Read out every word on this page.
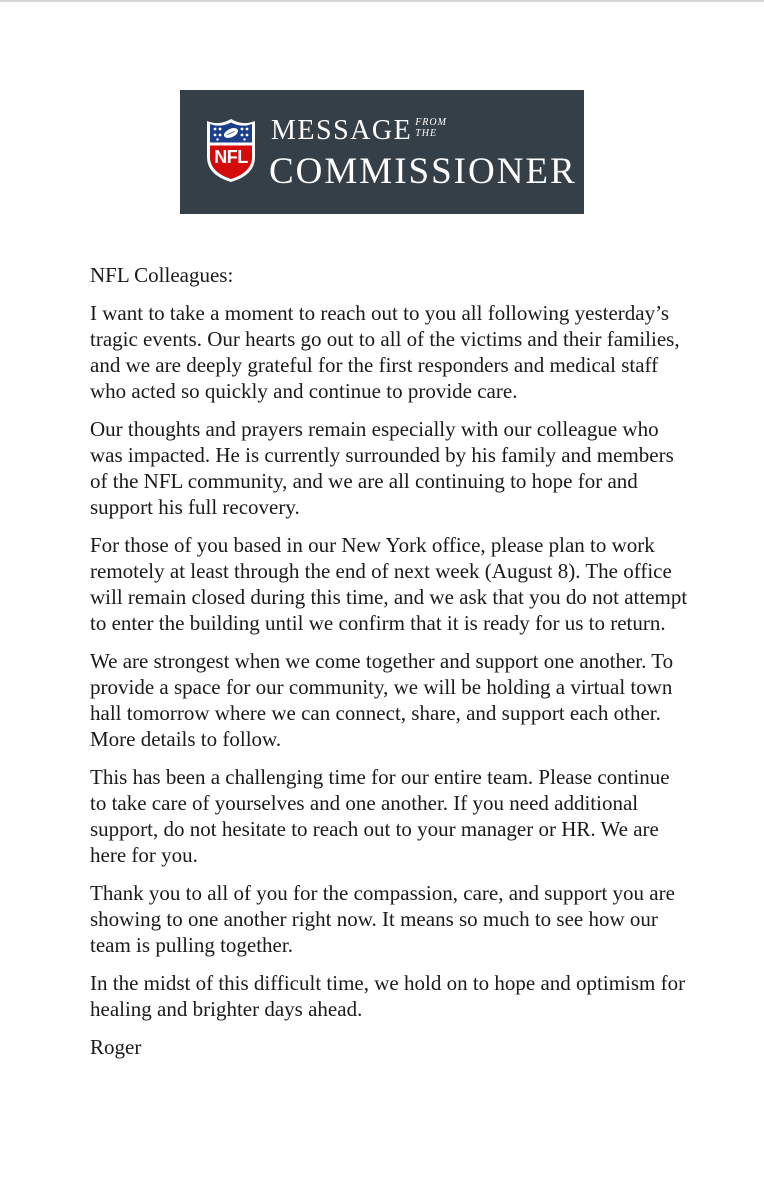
NFL
MESSAGE FROM
THE
COMMISSIONER

NFL Colleagues:

I want to take a moment to reach out to you all following yesterday’s tragic events. Our hearts go out to all of the victims and their families, and we are deeply grateful for the first responders and medical staff who acted so quickly and continue to provide care.

Our thoughts and prayers remain especially with our colleague who was impacted. He is currently surrounded by his family and members of the NFL community, and we are all continuing to hope for and support his full recovery.

For those of you based in our New York office, please plan to work remotely at least through the end of next week (August 8). The office will remain closed during this time, and we ask that you do not attempt to enter the building until we confirm that it is ready for us to return.

We are strongest when we come together and support one another. To provide a space for our community, we will be holding a virtual town hall tomorrow where we can connect, share, and support each other. More details to follow.

This has been a challenging time for our entire team. Please continue to take care of yourselves and one another. If you need additional support, do not hesitate to reach out to your manager or HR. We are here for you.

Thank you to all of you for the compassion, care, and support you are showing to one another right now. It means so much to see how our team is pulling together.

In the midst of this difficult time, we hold on to hope and optimism for healing and brighter days ahead.

Roger
